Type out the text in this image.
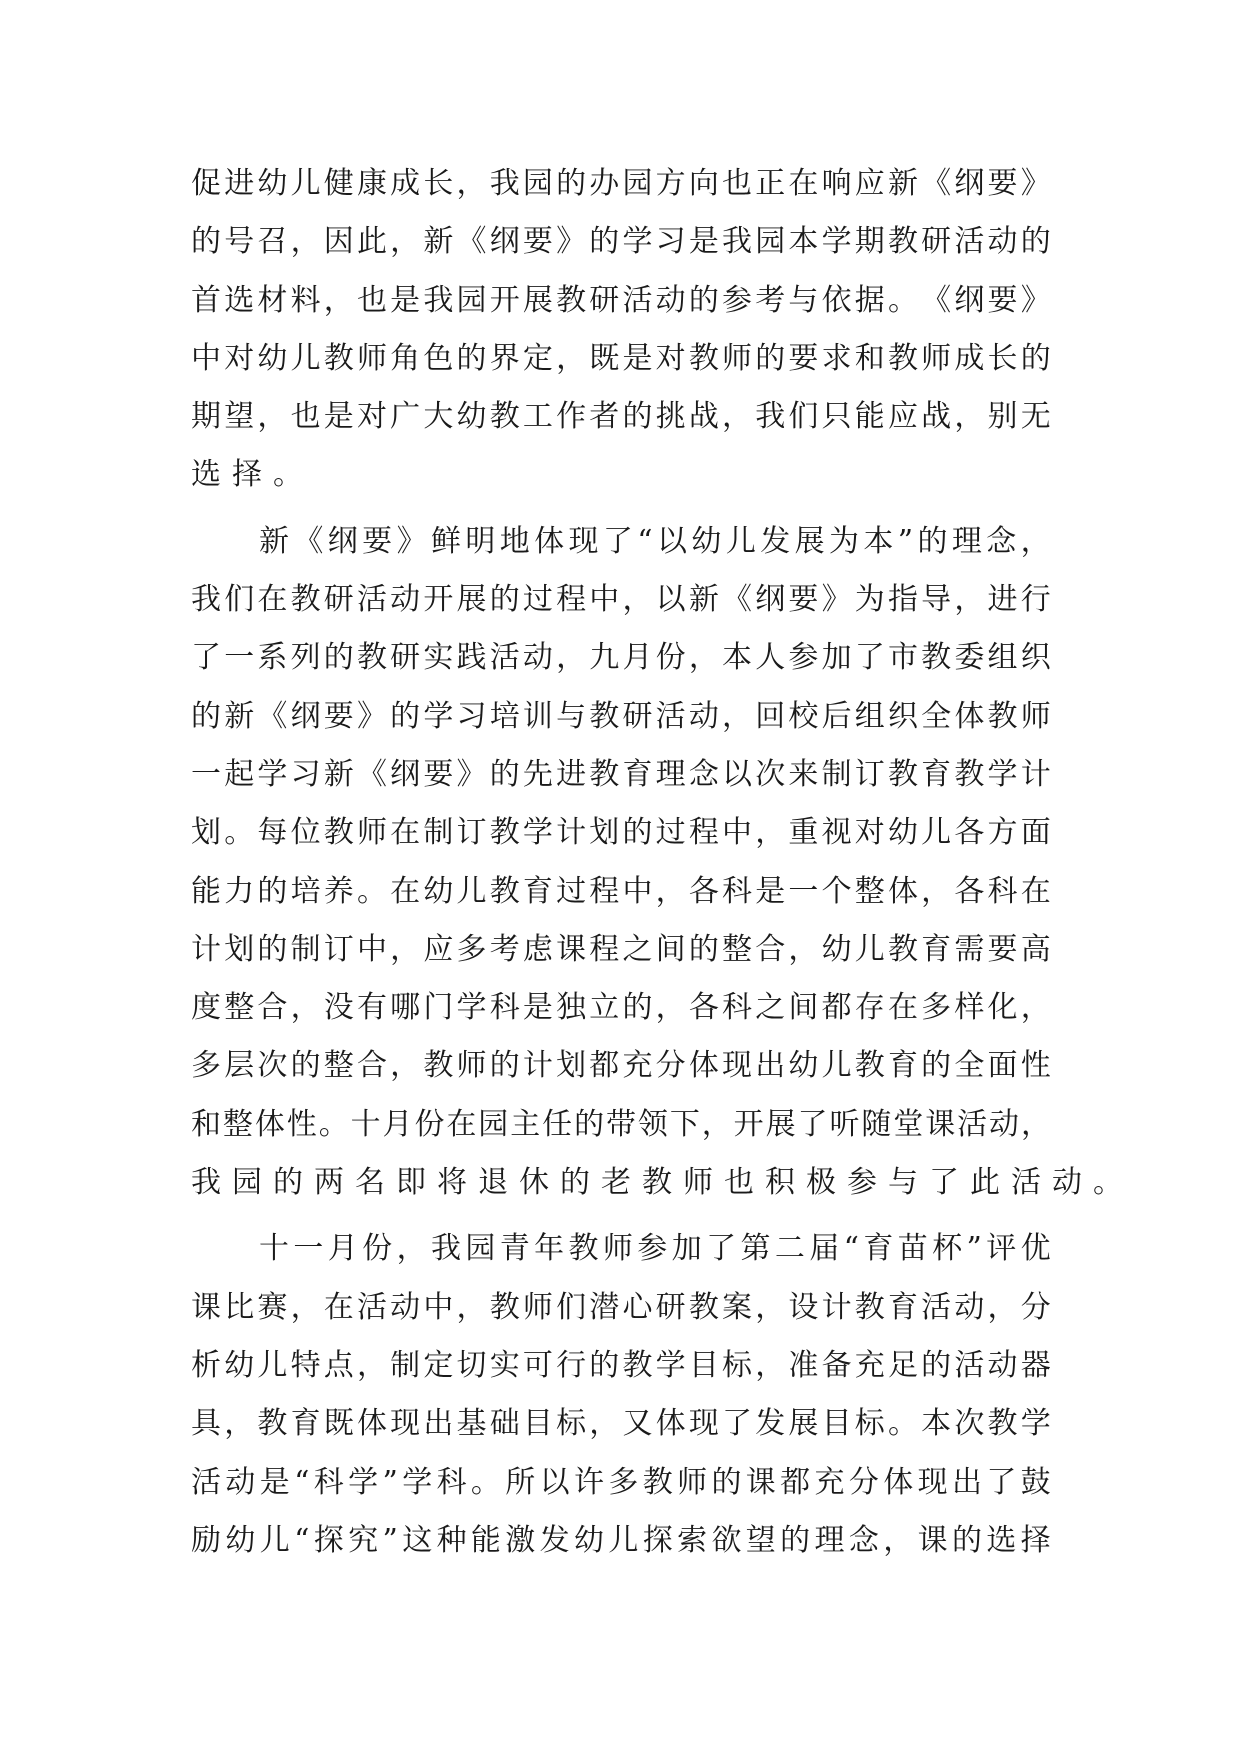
促 进 幼 儿 健 康 成 长 ， 我 园 的 办 园 方 向 也 正 在 响 应 新 《 纲 要 》
的 号 召 ， 因 此 ， 新 《 纲 要 》 的 学 习 是 我 园 本 学 期 教 研 活 动 的
首 选 材 料 ， 也 是 我 园 开 展 教 研 活 动 的 参 考 与 依 据 。 《 纲 要 》
中 对 幼 儿 教 师 角 色 的 界 定 ， 既 是 对 教 师 的 要 求 和 教 师 成 长 的
期 望 ， 也 是 对 广 大 幼 教 工 作 者 的 挑 战 ， 我 们 只 能 应 战 ， 别 无
选择。
新 《 纲 要 》 鲜 明 地 体 现 了 “ 以 幼 儿 发 展 为 本 ” 的 理 念 ，
我 们 在 教 研 活 动 开 展 的 过 程 中 ， 以 新 《 纲 要 》 为 指 导 ， 进 行
了 一 系 列 的 教 研 实 践 活 动 ， 九 月 份 ， 本 人 参 加 了 市 教 委 组 织
的 新 《 纲 要 》 的 学 习 培 训 与 教 研 活 动 ， 回 校 后 组 织 全 体 教 师
一 起 学 习 新 《 纲 要 》 的 先 进 教 育 理 念 以 次 来 制 订 教 育 教 学 计
划 。 每 位 教 师 在 制 订 教 学 计 划 的 过 程 中 ， 重 视 对 幼 儿 各 方 面
能 力 的 培 养 。 在 幼 儿 教 育 过 程 中 ， 各 科 是 一 个 整 体 ， 各 科 在
计 划 的 制 订 中 ， 应 多 考 虑 课 程 之 间 的 整 合 ， 幼 儿 教 育 需 要 高
度 整 合 ， 没 有 哪 门 学 科 是 独 立 的 ， 各 科 之 间 都 存 在 多 样 化 ，
多 层 次 的 整 合 ， 教 师 的 计 划 都 充 分 体 现 出 幼 儿 教 育 的 全 面 性
和 整 体 性 。 十 月 份 在 园 主 任 的 带 领 下 ， 开 展 了 听 随 堂 课 活 动 ，
我园的两名即将退休的老教师也积极参与了此活动。
十 一 月 份 ， 我 园 青 年 教 师 参 加 了 第 二 届 “ 育 苗 杯 ” 评 优
课 比 赛 ， 在 活 动 中 ， 教 师 们 潜 心 研 教 案 ， 设 计 教 育 活 动 ， 分
析 幼 儿 特 点 ， 制 定 切 实 可 行 的 教 学 目 标 ， 准 备 充 足 的 活 动 器
具 ， 教 育 既 体 现 出 基 础 目 标 ， 又 体 现 了 发 展 目 标 。 本 次 教 学
活 动 是 “ 科 学 ” 学 科 。 所 以 许 多 教 师 的 课 都 充 分 体 现 出 了 鼓
励 幼 儿 “ 探 究 ” 这 种 能 激 发 幼 儿 探 索 欲 望 的 理 念 ， 课 的 选 择
